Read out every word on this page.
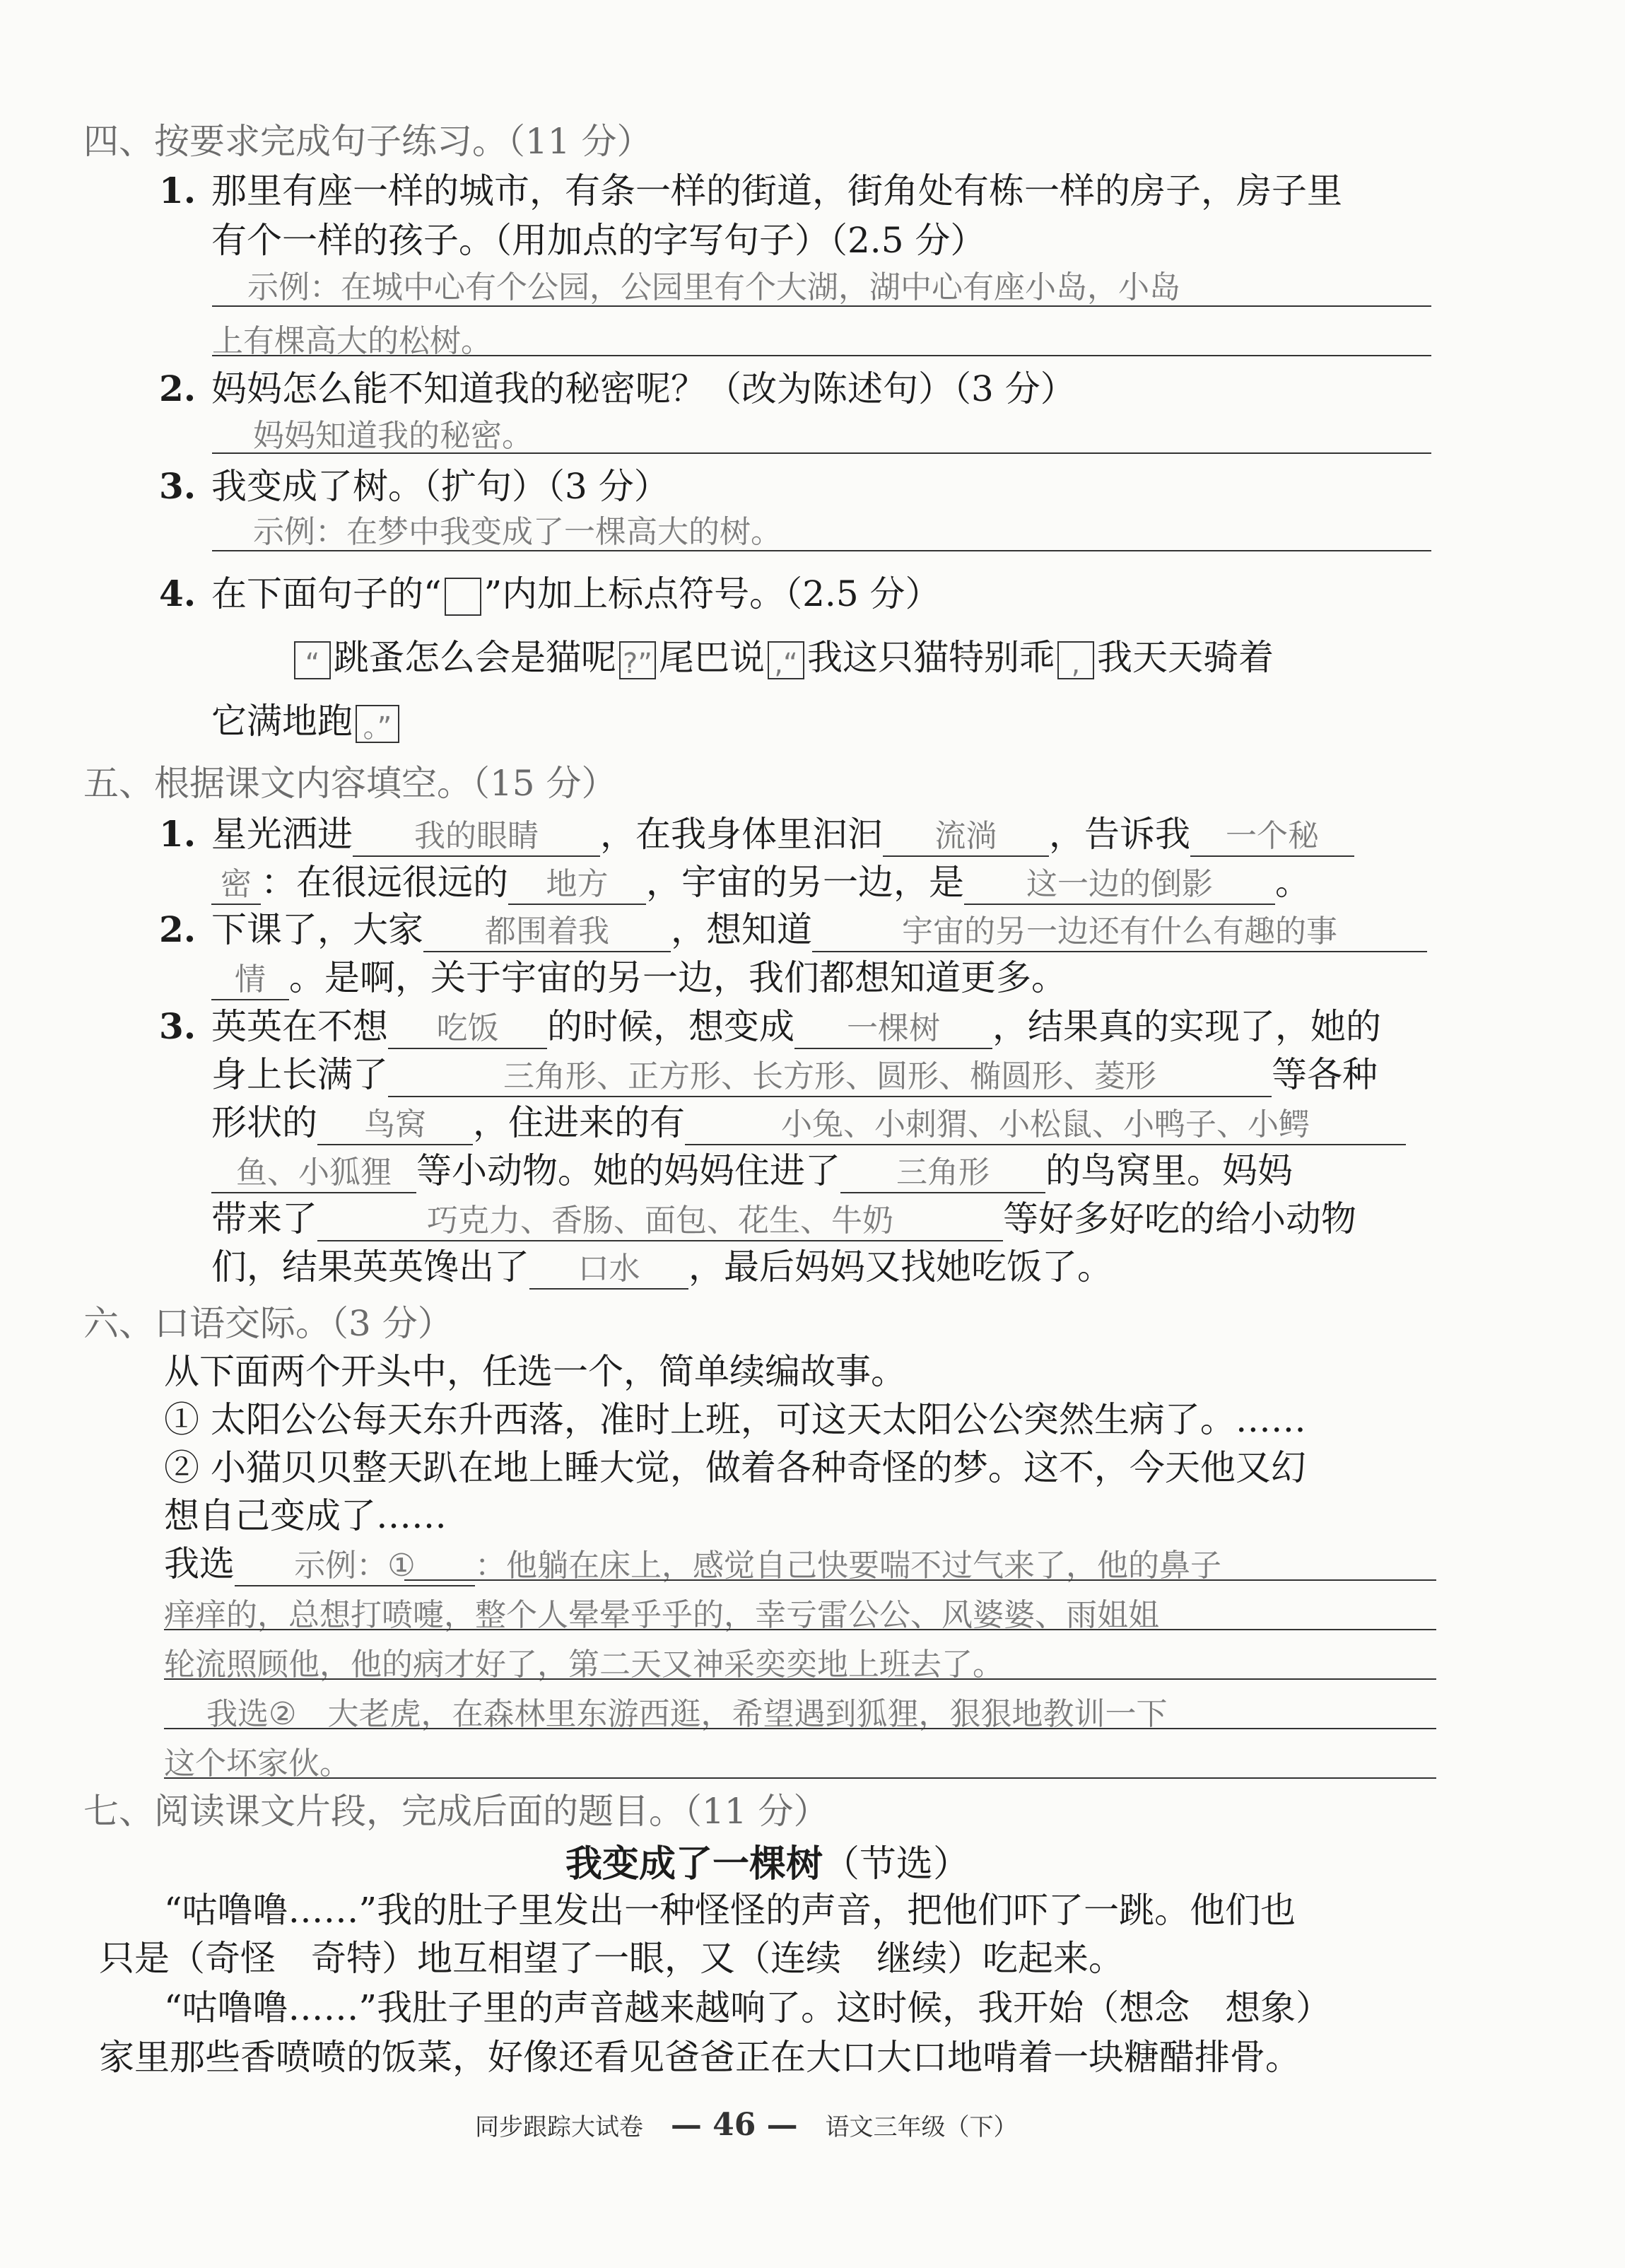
四、按要求完成句子练习。（11 分）
1. 那里有座一样的城市，有条一样的街道，街角处有栋一样的房子，房子里
有个一样的孩子。（用加点的字写句子）（2.5 分）
示例：在城中心有个公园，公园里有个大湖，湖中心有座小岛，小岛
上有棵高大的松树。
2. 妈妈怎么能不知道我的秘密呢？（改为陈述句）（3 分）
妈妈知道我的秘密。
3. 我变成了树。（扩句）（3 分）
示例：在梦中我变成了一棵高大的树。
4. 在下面句子的“ ”内加上标点符号。（2.5 分）
“ 跳蚤怎么会是猫呢 ?” 尾巴说 ,“ 我这只猫特别乖 , 我天天骑着
它满地跑 。”
五、根据课文内容填空。（15 分）
1. 星光洒进 我的眼睛 ，在我身体里汩汩 流淌 ，告诉我 一个秘
密 ：在很远很远的 地方 ，宇宙的另一边，是 这一边的倒影 。
2. 下课了，大家 都围着我 ，想知道	宇宙的另一边还有什么有趣的事
情 。是啊，关于宇宙的另一边，我们都想知道更多。
3. 英英在不想 吃饭 的时候，想变成 一棵树 ，结果真的实现了，她的
身上长满了	三角形、正方形、长方形、圆形、椭圆形、菱形	等各种
形状的 鸟窝 ，住进来的有	小兔、小刺猬、小松鼠、小鸭子、小鳄
鱼、小狐狸 等小动物。她的妈妈住进了 三角形 的鸟窝里。妈妈
带来了	巧克力、香肠、面包、花生、牛奶	等好多好吃的给小动物
们，结果英英馋出了 口水 ，最后妈妈又找她吃饭了。
六、口语交际。（3 分）
从下面两个开头中，任选一个，简单续编故事。
① 太阳公公每天东升西落，准时上班，可这天太阳公公突然生病了。……
② 小猫贝贝整天趴在地上睡大觉，做着各种奇怪的梦。这不，今天他又幻
想自己变成了……
我选 示例：① ：他躺在床上，感觉自己快要喘不过气来了，他的鼻子
痒痒的，总想打喷嚏，整个人晕晕乎乎的，幸亏雷公公、风婆婆、雨姐姐
轮流照顾他，他的病才好了，第二天又神采奕奕地上班去了。
我选②　大老虎，在森林里东游西逛，希望遇到狐狸，狠狠地教训一下
这个坏家伙。
七、阅读课文片段，完成后面的题目。（11 分）
我变成了一棵树（节选）
“咕噜噜……”我的肚子里发出一种怪怪的声音，把他们吓了一跳。他们也
只是（奇怪　奇特）地互相望了一眼，又（连续　继续）吃起来。
“咕噜噜……”我肚子里的声音越来越响了。这时候，我开始（想念　想象）
家里那些香喷喷的饭菜，好像还看见爸爸正在大口大口地啃着一块糖醋排骨。
同步跟踪大试卷 — 46 — 语文三年级（下）
